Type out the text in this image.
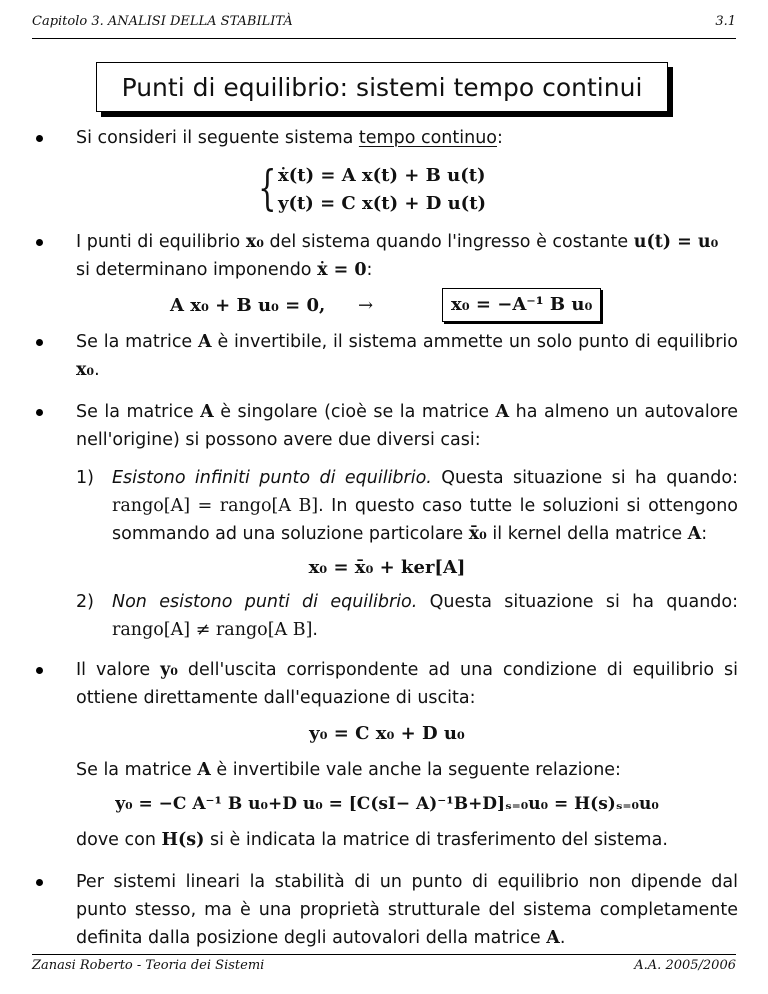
Capitolo 3. ANALISI DELLA STABILITÀ	3.1
Punti di equilibrio: sistemi tempo continui
Si consideri il seguente sistema tempo continuo:
{ ẋ(t) = A x(t) + B u(t)
y(t) = C x(t) + D u(t)
I punti di equilibrio x₀ del sistema quando l'ingresso è costante u(t) = u₀
si determinano imponendo ẋ = 0:
A x₀ + B u₀ = 0, →	x₀ = −A⁻¹ B u₀
Se la matrice A è invertibile, il sistema ammette un solo punto di equilibrio x₀.
Se la matrice A è singolare (cioè se la matrice A ha almeno un autovalore nell'origine) si possono avere due diversi casi:
1) Esistono infiniti punto di equilibrio. Questa situazione si ha quando: rango[A] = rango[A B]. In questo caso tutte le soluzioni si ottengono sommando ad una soluzione particolare x̄₀ il kernel della matrice A:
x₀ = x̄₀ + ker[A]
2) Non esistono punti di equilibrio. Questa situazione si ha quando: rango[A] ≠ rango[A B].
Il valore y₀ dell'uscita corrispondente ad una condizione di equilibrio si ottiene direttamente dall'equazione di uscita:
y₀ = C x₀ + D u₀
Se la matrice A è invertibile vale anche la seguente relazione:
y₀ = −C A⁻¹ B u₀+D u₀ = [C(sI− A)⁻¹B+D]ₛ₌₀u₀ = H(s)ₛ₌₀u₀
dove con H(s) si è indicata la matrice di trasferimento del sistema.
Per sistemi lineari la stabilità di un punto di equilibrio non dipende dal punto stesso, ma è una proprietà strutturale del sistema completamente definita dalla posizione degli autovalori della matrice A.
Zanasi Roberto - Teoria dei Sistemi	A.A. 2005/2006
